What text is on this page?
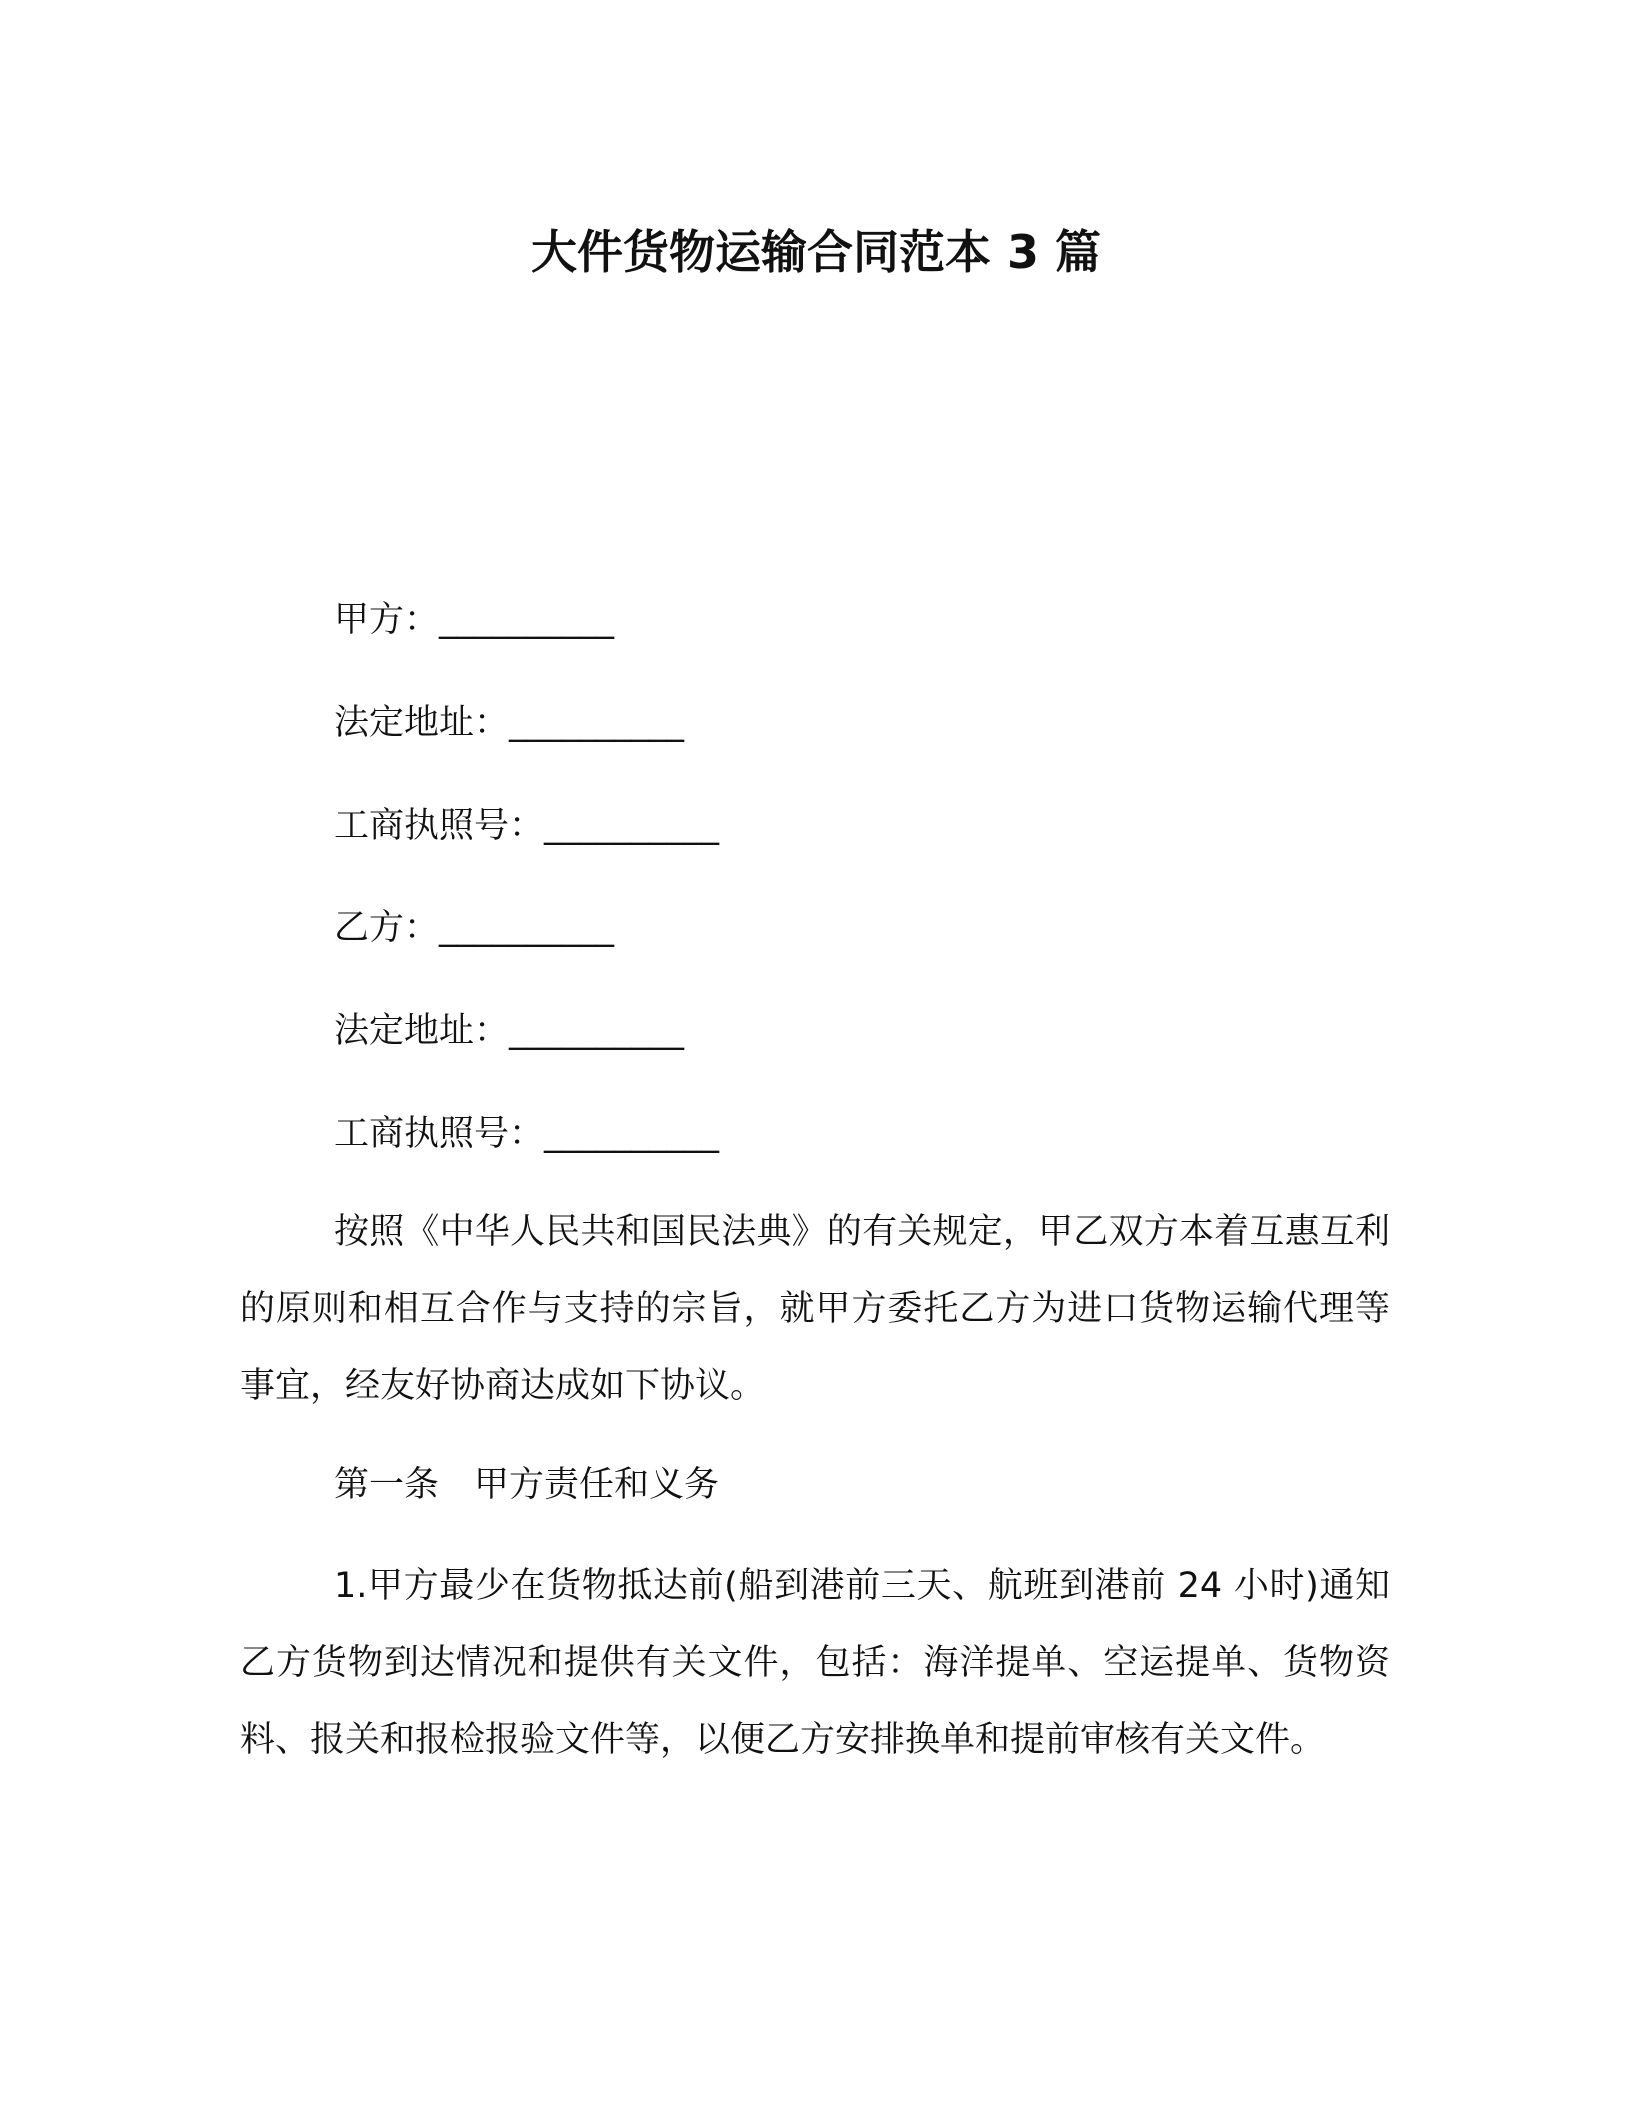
大件货物运输合同范本 3 篇
甲方：__________
法定地址：__________
工商执照号：__________
乙方：__________
法定地址：__________
工商执照号：__________
按照《中华人民共和国民法典》的有关规定，甲乙双方本着互惠互利的原则和相互合作与支持的宗旨，就甲方委托乙方为进口货物运输代理等事宜，经友好协商达成如下协议。
第一条　甲方责任和义务
1.甲方最少在货物抵达前(船到港前三天、航班到港前 24 小时)通知乙方货物到达情况和提供有关文件，包括：海洋提单、空运提单、货物资料、报关和报检报验文件等，以便乙方安排换单和提前审核有关文件。
